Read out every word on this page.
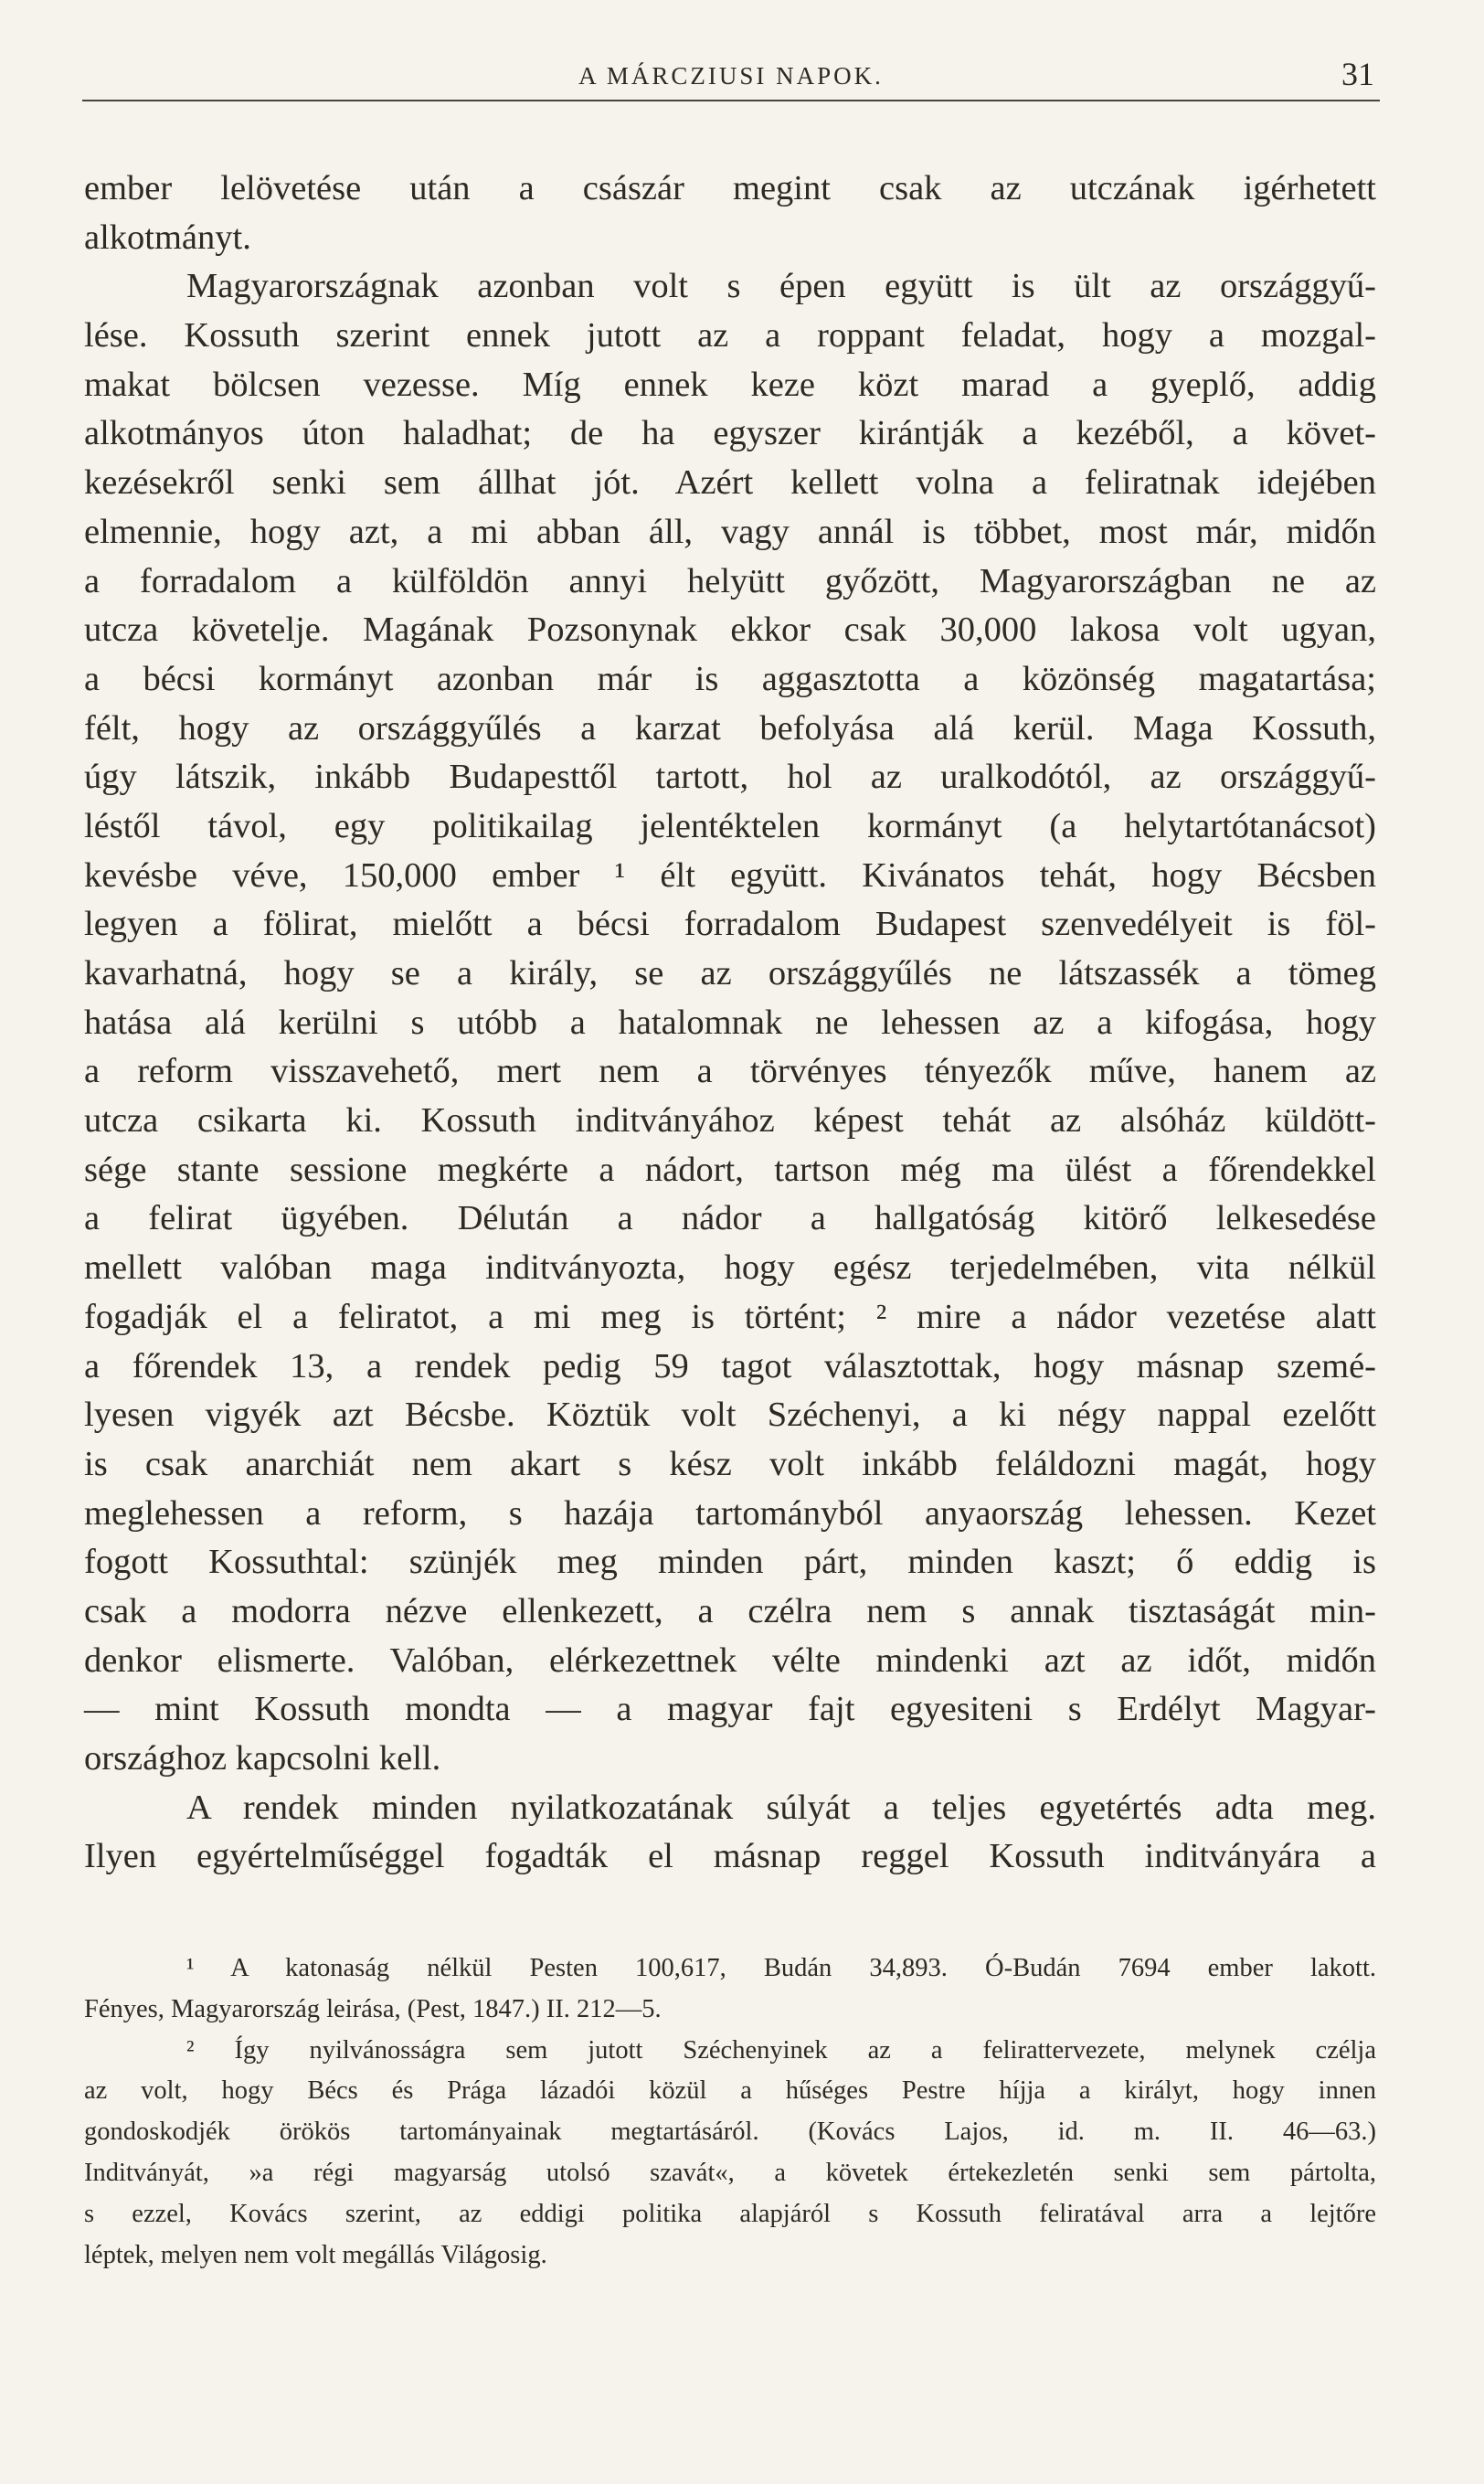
A MÁRCZIUSI NAPOK.	31
ember lelövetése után a császár megint csak az utczának igérhetett
alkotmányt.
Magyarországnak azonban volt s épen együtt is ült az országgyű-
lése. Kossuth szerint ennek jutott az a roppant feladat, hogy a mozgal-
makat bölcsen vezesse. Míg ennek keze közt marad a gyeplő, addig
alkotmányos úton haladhat; de ha egyszer kirántják a kezéből, a követ-
kezésekről senki sem állhat jót. Azért kellett volna a feliratnak idejében
elmennie, hogy azt, a mi abban áll, vagy annál is többet, most már, midőn
a forradalom a külföldön annyi helyütt győzött, Magyarországban ne az
utcza követelje. Magának Pozsonynak ekkor csak 30,000 lakosa volt ugyan,
a bécsi kormányt azonban már is aggasztotta a közönség magatartása;
félt, hogy az országgyűlés a karzat befolyása alá kerül. Maga Kossuth,
úgy látszik, inkább Budapesttől tartott, hol az uralkodótól, az országgyű-
léstől távol, egy politikailag jelentéktelen kormányt (a helytartótanácsot)
kevésbe véve, 150,000 ember ¹ élt együtt. Kivánatos tehát, hogy Bécsben
legyen a fölirat, mielőtt a bécsi forradalom Budapest szenvedélyeit is föl-
kavarhatná, hogy se a király, se az országgyűlés ne látszassék a tömeg
hatása alá kerülni s utóbb a hatalomnak ne lehessen az a kifogása, hogy
a reform visszavehető, mert nem a törvényes tényezők műve, hanem az
utcza csikarta ki. Kossuth inditványához képest tehát az alsóház küldött-
sége stante sessione megkérte a nádort, tartson még ma ülést a főrendekkel
a felirat ügyében. Délután a nádor a hallgatóság kitörő lelkesedése
mellett valóban maga inditványozta, hogy egész terjedelmében, vita nélkül
fogadják el a feliratot, a mi meg is történt; ² mire a nádor vezetése alatt
a főrendek 13, a rendek pedig 59 tagot választottak, hogy másnap szemé-
lyesen vigyék azt Bécsbe. Köztük volt Széchenyi, a ki négy nappal ezelőtt
is csak anarchiát nem akart s kész volt inkább feláldozni magát, hogy
meglehessen a reform, s hazája tartományból anyaország lehessen. Kezet
fogott Kossuthtal: szünjék meg minden párt, minden kaszt; ő eddig is
csak a modorra nézve ellenkezett, a czélra nem s annak tisztaságát min-
denkor elismerte. Valóban, elérkezettnek vélte mindenki azt az időt, midőn
— mint Kossuth mondta — a magyar fajt egyesiteni s Erdélyt Magyar-
országhoz kapcsolni kell.
A rendek minden nyilatkozatának súlyát a teljes egyetértés adta meg.
Ilyen egyértelműséggel fogadták el másnap reggel Kossuth inditványára a
¹ A katonaság nélkül Pesten 100,617, Budán 34,893. Ó-Budán 7694 ember lakott.
Fényes, Magyarország leirása, (Pest, 1847.) II. 212—5.
² Így nyilvánosságra sem jutott Széchenyinek az a felirattervezete, melynek czélja
az volt, hogy Bécs és Prága lázadói közül a hűséges Pestre híjja a királyt, hogy innen
gondoskodjék örökös tartományainak megtartásáról. (Kovács Lajos, id. m. II. 46—63.)
Inditványát, »a régi magyarság utolsó szavát«, a követek értekezletén senki sem pártolta,
s ezzel, Kovács szerint, az eddigi politika alapjáról s Kossuth feliratával arra a lejtőre
léptek, melyen nem volt megállás Világosig.
